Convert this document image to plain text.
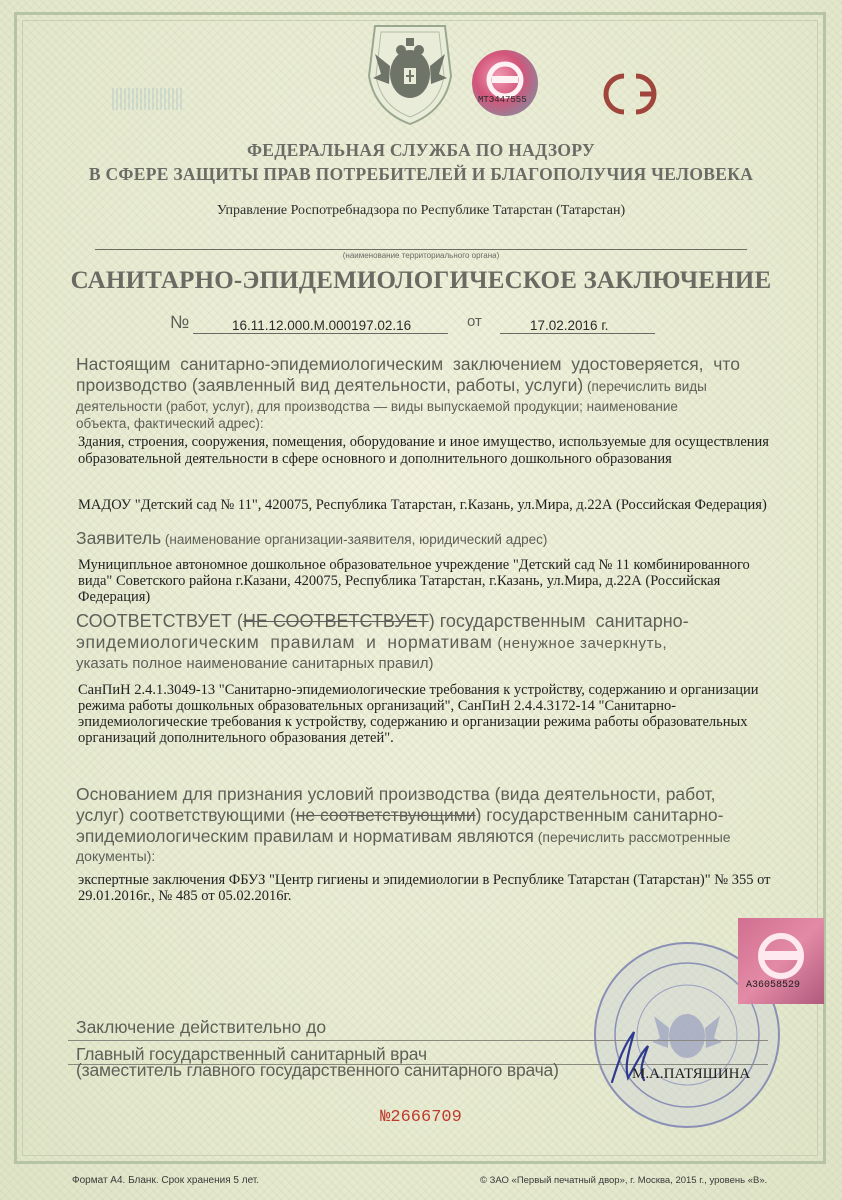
МТЭ447555
ФЕДЕРАЛЬНАЯ СЛУЖБА ПО НАДЗОРУ
В СФЕРЕ ЗАЩИТЫ ПРАВ ПОТРЕБИТЕЛЕЙ И БЛАГОПОЛУЧИЯ ЧЕЛОВЕКА
Управление Роспотребнадзора по Республике Татарстан (Татарстан)
(наименование территориального органа)
САНИТАРНО-ЭПИДЕМИОЛОГИЧЕСКОЕ ЗАКЛЮЧЕНИЕ
№	16.11.12.000.М.000197.02.16	от	17.02.2016 г.
Настоящим  санитарно-эпидемиологическим  заключением  удостоверяется,  что
производство (заявленный вид деятельности, работы, услуги) (перечислить виды
деятельности (работ, услуг), для производства — виды выпускаемой продукции; наименование
объекта, фактический адрес):
Здания, строения, сооружения, помещения, оборудование и иное имущество, используемые для осуществления
образовательной деятельности в сфере основного и дополнительного дошкольного образования
МАДОУ "Детский сад № 11", 420075, Республика Татарстан, г.Казань, ул.Мира, д.22А (Российская Федерация)
Заявитель (наименование организации-заявителя, юридический адрес)
Муниципльное автономное дошкольное образовательное учреждение "Детский сад № 11 комбинированного
вида" Советского района г.Казани, 420075, Республика Татарстан, г.Казань, ул.Мира, д.22А (Российская
Федерация)
СООТВЕТСТВУЕТ (НЕ СООТВЕТСТВУЕТ) государственным  санитарно-
эпидемиологическим  правилам  и  нормативам (ненужное зачеркнуть,
указать полное наименование санитарных правил)
СанПиН 2.4.1.3049-13 "Санитарно-эпидемиологические требования к устройству, содержанию и организации
режима работы дошкольных образовательных организаций", СанПиН 2.4.4.3172-14 "Санитарно-
эпидемиологические требования к устройству, содержанию и организации режима работы образовательных
организаций дополнительного образования детей".
Основанием для признания условий производства (вида деятельности, работ,
услуг) соответствующими (не соответствующими) государственным санитарно-
эпидемиологическим правилам и нормативам являются (перечислить рассмотренные
документы):
экспертные заключения ФБУЗ "Центр гигиены и эпидемиологии в Республике Татарстан (Татарстан)" № 355 от
29.01.2016г., № 485 от 05.02.2016г.
А36058529
Заключение действительно до
Главный государственный санитарный врач
(заместитель главного государственного санитарного врача)	М.А.ПАТЯШИНА
№2666709
Формат А4. Бланк. Срок хранения 5 лет.	© ЗАО «Первый печатный двор», г. Москва, 2015 г., уровень «В».
